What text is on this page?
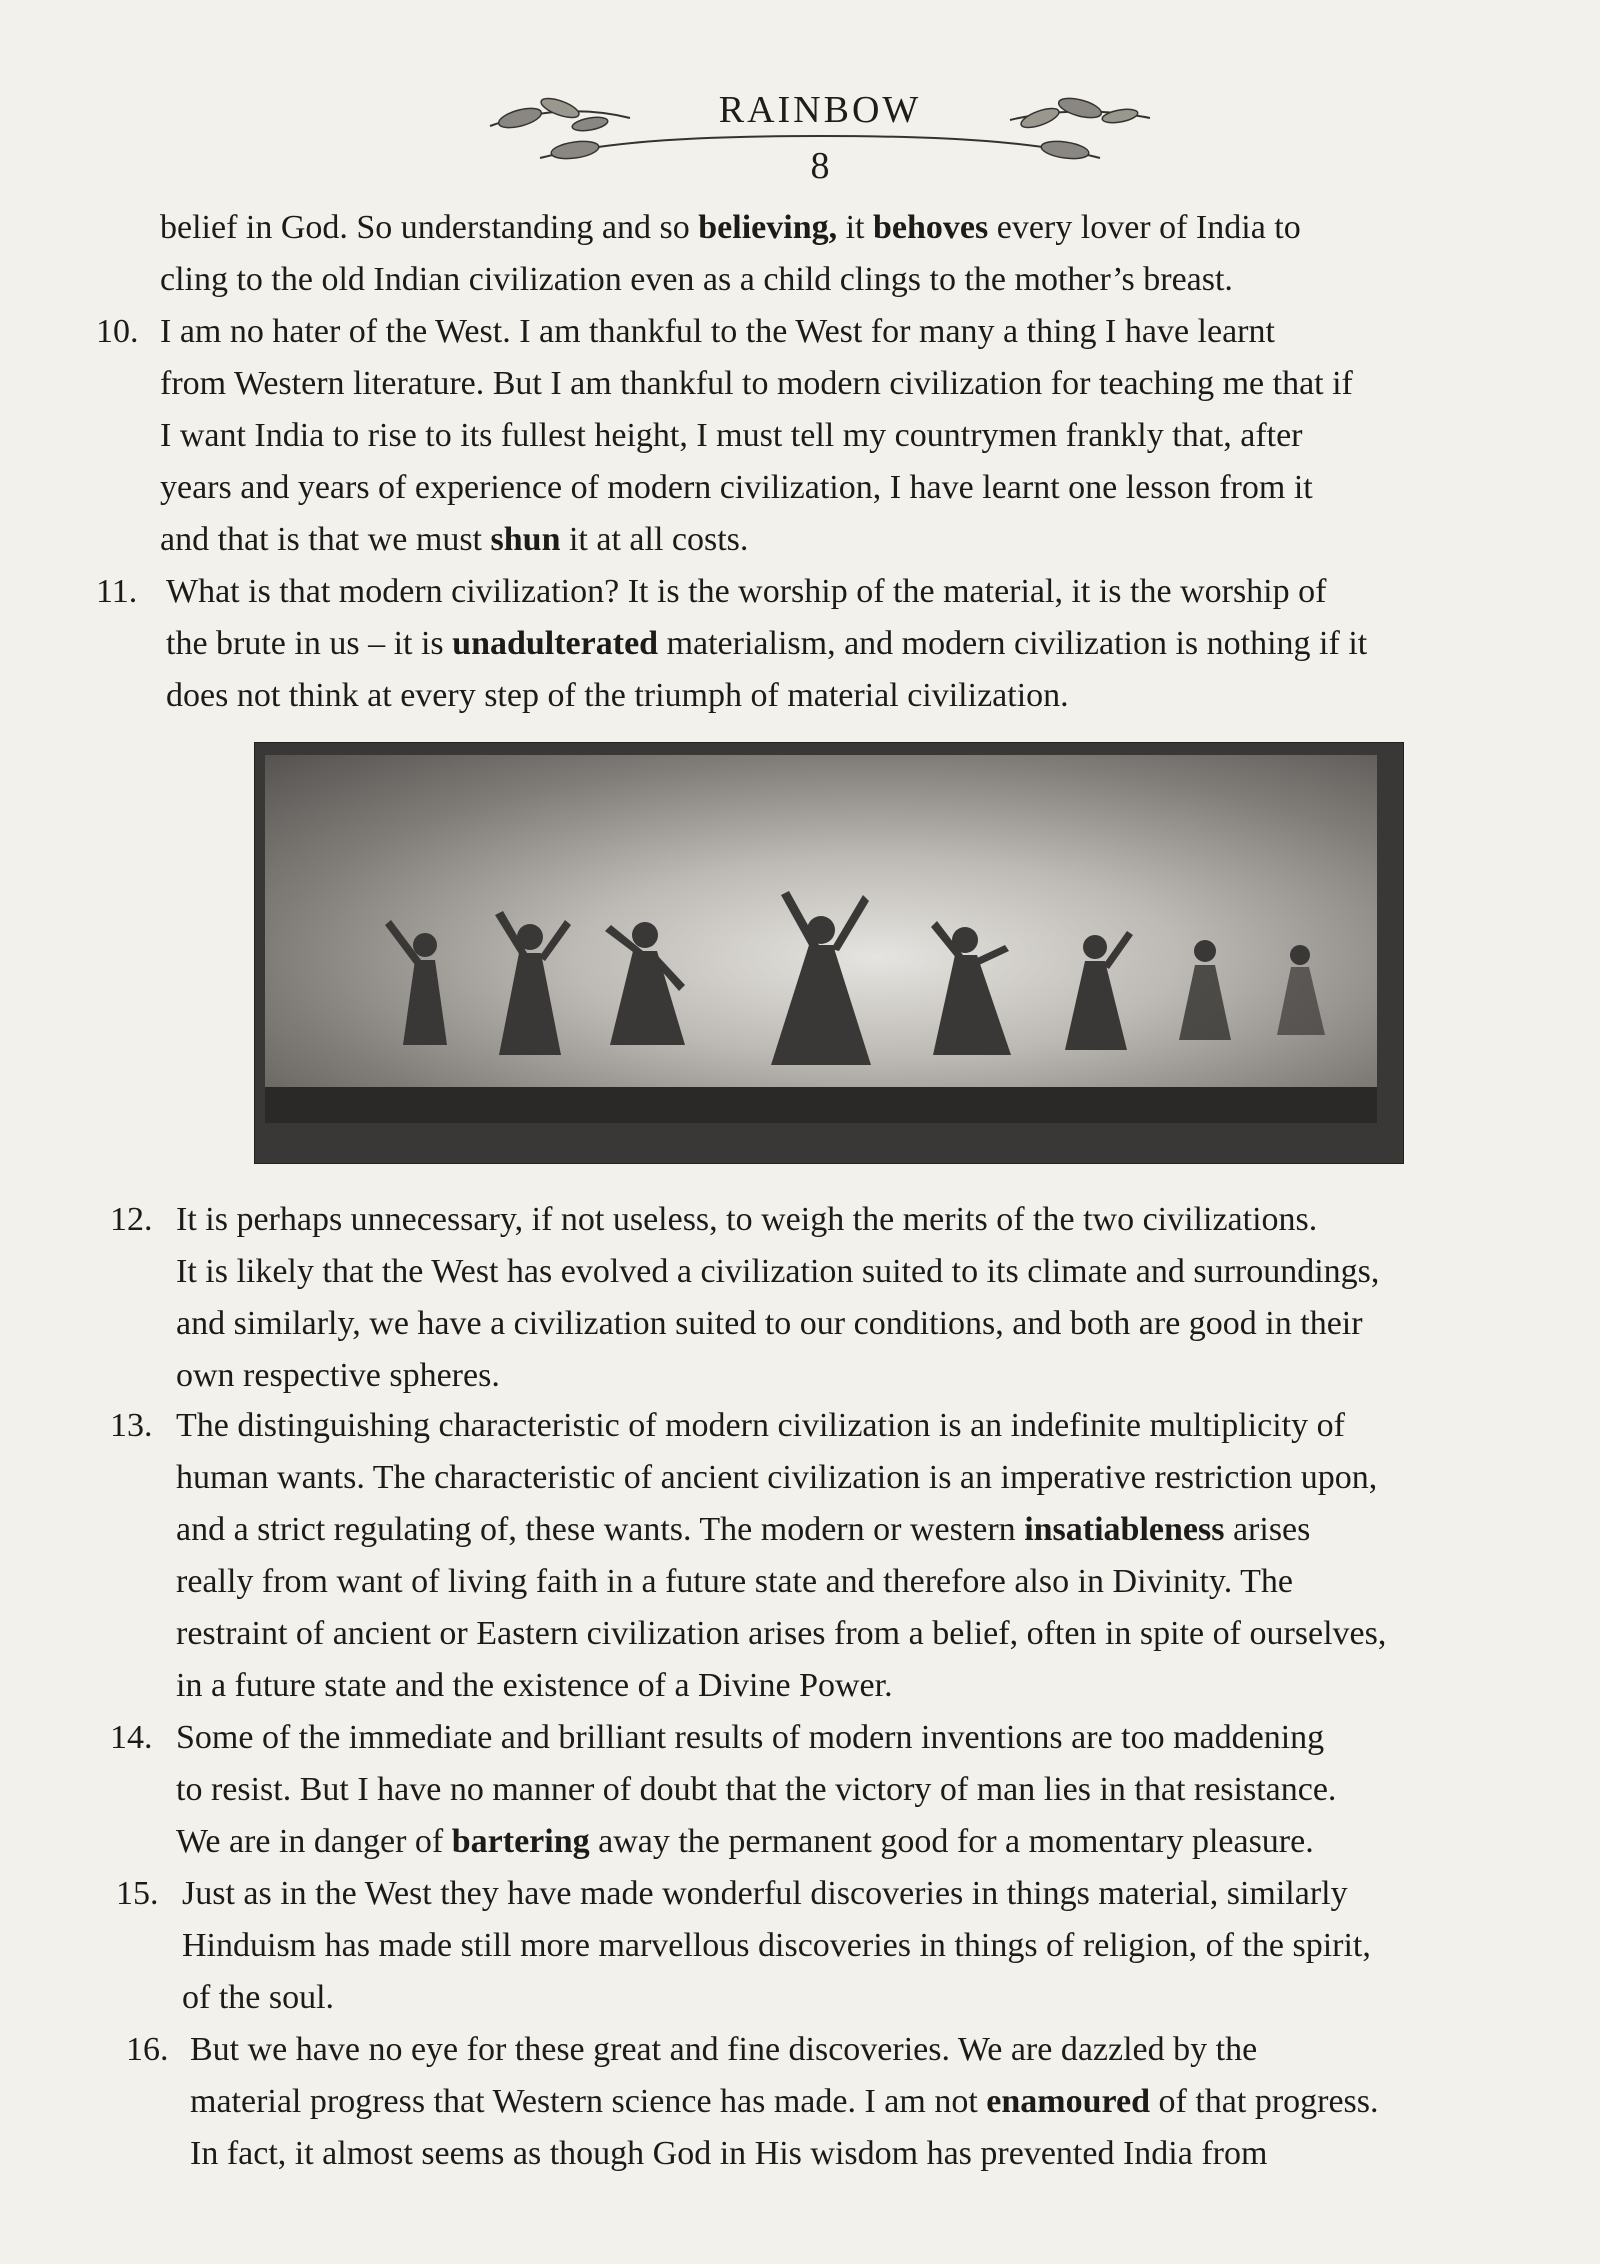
RAINBOW
8
belief in God. So understanding and so believing, it behoves every lover of India to
cling to the old Indian civilization even as a child clings to the mother’s breast.
10. I am no hater of the West. I am thankful to the West for many a thing I have learnt
from Western literature. But I am thankful to modern civilization for teaching me that if
I want India to rise to its fullest height, I must tell my countrymen frankly that, after
years and years of experience of modern civilization, I have learnt one lesson from it
and that is that we must shun it at all costs.
11. What is that modern civilization? It is the worship of the material, it is the worship of
the brute in us – it is unadulterated materialism, and modern civilization is nothing if it
does not think at every step of the triumph of material civilization.
12. It is perhaps unnecessary, if not useless, to weigh the merits of the two civilizations.
It is likely that the West has evolved a civilization suited to its climate and surroundings,
and similarly, we have a civilization suited to our conditions, and both are good in their
own respective spheres.
13. The distinguishing characteristic of modern civilization is an indefinite multiplicity of
human wants. The characteristic of ancient civilization is an imperative restriction upon,
and a strict regulating of, these wants. The modern or western insatiableness arises
really from want of living faith in a future state and therefore also in Divinity. The
restraint of ancient or Eastern civilization arises from a belief, often in spite of ourselves,
in a future state and the existence of a Divine Power.
14. Some of the immediate and brilliant results of modern inventions are too maddening
to resist. But I have no manner of doubt that the victory of man lies in that resistance.
We are in danger of bartering away the permanent good for a momentary pleasure.
15. Just as in the West they have made wonderful discoveries in things material, similarly
Hinduism has made still more marvellous discoveries in things of religion, of the spirit,
of the soul.
16. But we have no eye for these great and fine discoveries. We are dazzled by the
material progress that Western science has made. I am not enamoured of that progress.
In fact, it almost seems as though God in His wisdom has prevented India from
